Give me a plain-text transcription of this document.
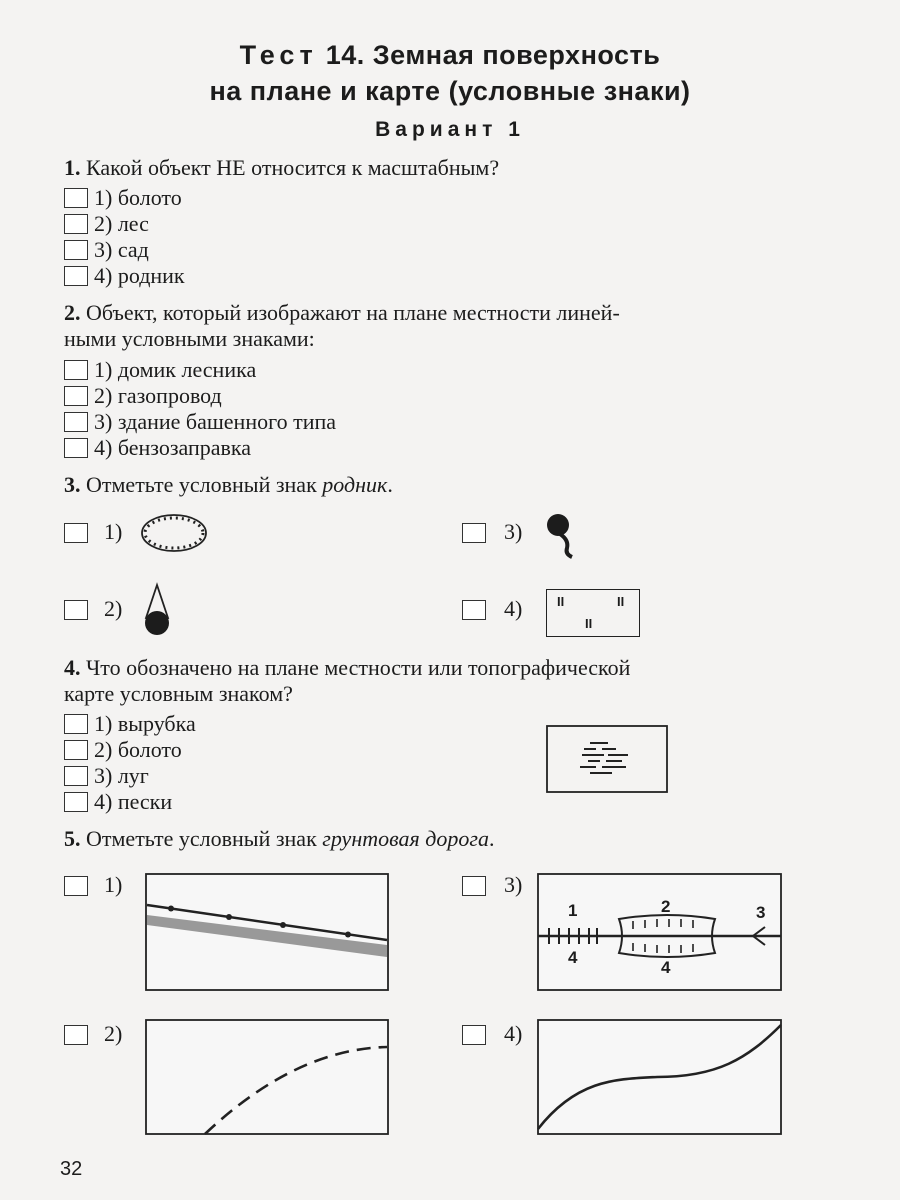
Тест 14. Земная поверхность
на плане и карте (условные знаки)
Вариант 1
1. Какой объект НЕ относится к масштабным?
1) болото
2) лес
3) сад
4) родник
2. Объект, который изображают на плане местности линей-
ными условными знаками:
1) домик лесника
2) газопровод
3) здание башенного типа
4) бензозаправка
3. Отметьте условный знак родник.
1)
2)
3)
4)	II	II
II
4. Что обозначено на плане местности или топографической
карте условным знаком?
1) вырубка
2) болото
3) луг
4) пески
5. Отметьте условный знак грунтовая дорога.
1)	3)
1	2	3
4
4
2)	4)
32
